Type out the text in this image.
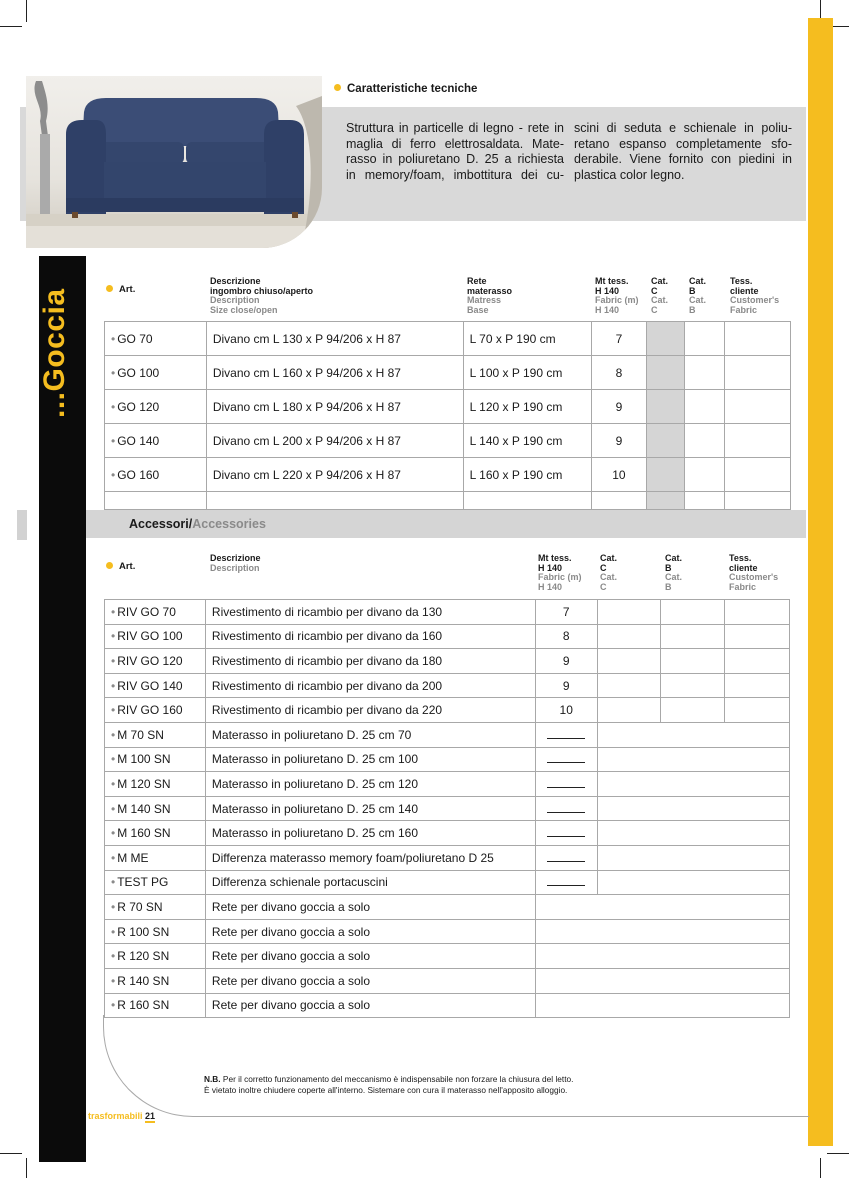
...Goccia
Caratteristiche tecniche
Struttura in particelle di legno - rete in
maglia di ferro elettrosaldata. Mate-
rasso in poliuretano D. 25 a richiesta
in memory/foam, imbottitura dei cu-
scini di seduta e schienale in poliu-
retano espanso completamente sfo-
derabile. Viene fornito con piedini in
plastica color legno.
Art.
Descrizione
ingombro chiuso/aperto
Description
Size close/open
Rete
materasso
Matress
Base
Mt tess.
H 140
Fabric (m)
H 140
Cat.
C
Cat.
C
Cat.
B
Cat.
B
Tess.
cliente
Customer's
Fabric
• GO 70	Divano cm L 130 x P 94/206 x H 87	L 70 x P 190 cm	7			
• GO 100	Divano cm L 160 x P 94/206 x H 87	L 100 x P 190 cm	8			
• GO 120	Divano cm L 180 x P 94/206 x H 87	L 120 x P 190 cm	9			
• GO 140	Divano cm L 200 x P 94/206 x H 87	L 140 x P 190 cm	9			
• GO 160	Divano cm L 220 x P 94/206 x H 87	L 160 x P 190 cm	10			

Accessori/Accessories
Art.
Descrizione
Description
Mt tess.
H 140
Fabric (m)
H 140
Cat.
C
Cat.
C
Cat.
B
Cat.
B
Tess.
cliente
Customer's
Fabric
• RIV GO 70	Rivestimento di ricambio per divano da 130	7			
• RIV GO 100	Rivestimento di ricambio per divano da 160	8			
• RIV GO 120	Rivestimento di ricambio per divano da 180	9			
• RIV GO 140	Rivestimento di ricambio per divano da 200	9			
• RIV GO 160	Rivestimento di ricambio per divano da 220	10			
• M 70 SN	Materasso in poliuretano D. 25 cm 70				
• M 100 SN	Materasso in poliuretano D. 25 cm 100				
• M 120 SN	Materasso in poliuretano D. 25 cm 120				
• M 140 SN	Materasso in poliuretano D. 25 cm 140				
• M 160 SN	Materasso in poliuretano D. 25 cm 160				
• M ME	Differenza materasso memory foam/poliuretano D 25				
• TEST PG	Differenza schienale portacuscini				
• R 70 SN	Rete per divano goccia a solo				
• R 100 SN	Rete per divano goccia a solo				
• R 120 SN	Rete per divano goccia a solo				
• R 140 SN	Rete per divano goccia a solo				
• R 160 SN	Rete per divano goccia a solo				
N.B. Per il corretto funzionamento del meccanismo è indispensabile non forzare la chiusura del letto.
È vietato inoltre chiudere coperte all'interno. Sistemare con cura il materasso nell'apposito alloggio.
trasformabili 21
